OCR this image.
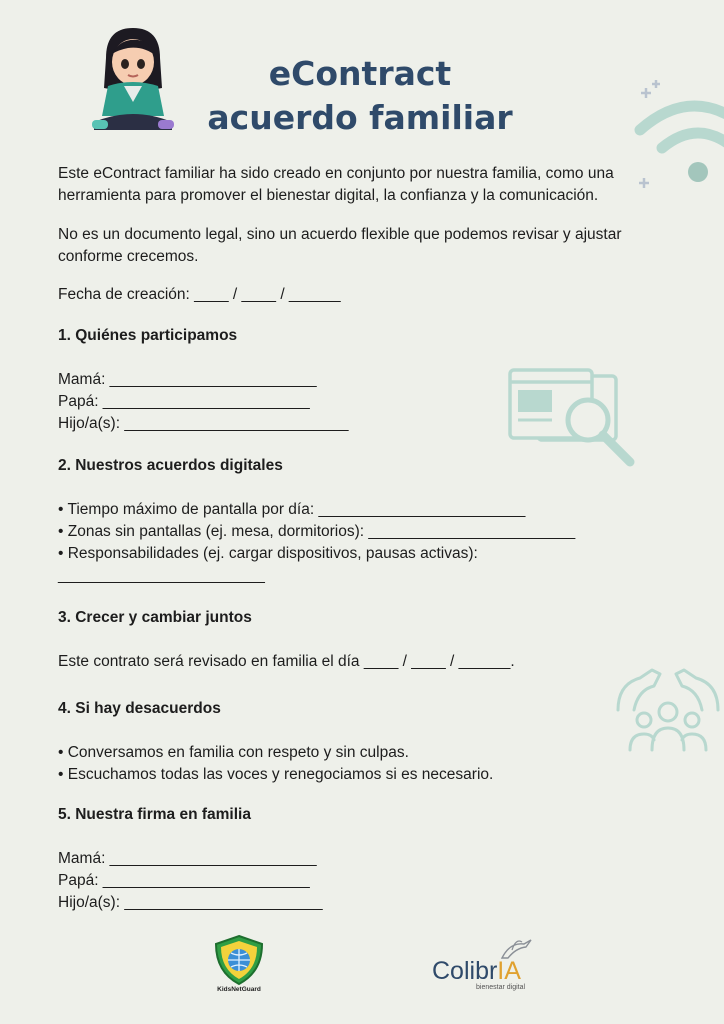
eContract
acuerdo familiar

Este eContract familiar ha sido creado en conjunto por nuestra familia, como una herramienta para promover el bienestar digital, la confianza y la comunicación.

No es un documento legal, sino un acuerdo flexible que podemos revisar y ajustar conforme crecemos.

Fecha de creación: ____ / ____ / ______
1. Quiénes participamos
Mamá: ________________________
Papá: ________________________
Hijo/a(s): __________________________
2. Nuestros acuerdos digitales
• Tiempo máximo de pantalla por día: ________________________
• Zonas sin pantallas (ej. mesa, dormitorios): ________________________
• Responsabilidades (ej. cargar dispositivos, pausas activas):
________________________
3. Crecer y cambiar juntos
Este contrato será revisado en familia el día ____ / ____ / ______.
4. Si hay desacuerdos
• Conversamos en familia con respeto y sin culpas.
• Escuchamos todas las voces y renegociamos si es necesario.
5. Nuestra firma en familia
Mamá: ________________________
Papá: ________________________
Hijo/a(s): _______________________
KidsNetGuard
ColibrIA
bienestar digital
